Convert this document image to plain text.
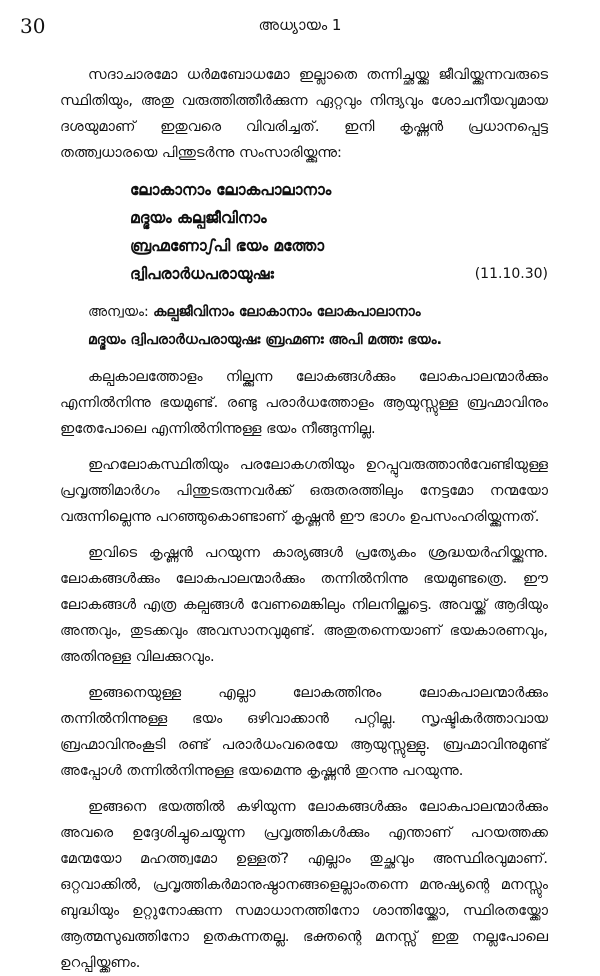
30	അധ്യായം 1

സദാചാരമോ ധർമബോധമോ ഇല്ലാതെ തന്നിച്ഛയ്ക്കു ജീവിയ്ക്കുന്നവരുടെ സ്ഥിതിയും, അതു വരുത്തിത്തീർക്കുന്ന ഏറ്റവും നിന്ദ്യവും ശോചനീയവുമായ ദശയുമാണ് ഇതുവരെ വിവരിച്ചത്. ഇനി കൃഷ്ണൻ പ്രധാനപ്പെട്ട തത്ത്വധാരയെ പിന്തുടർന്നു സംസാരിയ്ക്കുന്നു:

ലോകാനാം ലോകപാലാനാം
മദ്ഭയം കല്പജീവിനാം
ബ്രഹ്മണോഽപി ഭയം മത്തോ
ദ്വിപരാർധപരായുഷഃ	(11.10.30)
അന്വയം: കല്പജീവിനാം ലോകാനാം ലോകപാലാനാം
മദ്ഭയം ദ്വിപരാർധപരായുഷഃ ബ്രഹ്മണഃ അപി മത്തഃ ഭയം.

കല്പകാലത്തോളം നില്ക്കുന്ന ലോകങ്ങൾക്കും ലോകപാലന്മാർക്കും എന്നിൽനിന്നു ഭയമുണ്ട്. രണ്ടു പരാർധത്തോളം ആയുസ്സുള്ള ബ്രഹ്മാവിനും ഇതേപോലെ എന്നിൽനിന്നുള്ള ഭയം നീങ്ങുന്നില്ല.

ഇഹലോകസ്ഥിതിയും പരലോകഗതിയും ഉറപ്പുവരുത്താൻവേണ്ടിയുള്ള പ്രവൃത്തിമാർഗം പിന്തുടരുന്നവർക്ക് ഒരുതരത്തിലും നേട്ടമോ നന്മയോ വരുന്നില്ലെന്നു പറഞ്ഞുകൊണ്ടാണ് കൃഷ്ണൻ ഈ ഭാഗം ഉപസംഹരിയ്ക്കുന്നത്.

ഇവിടെ കൃഷ്ണൻ പറയുന്ന കാര്യങ്ങൾ പ്രത്യേകം ശ്രദ്ധയർഹിയ്ക്കുന്നു. ലോകങ്ങൾക്കും ലോകപാലന്മാർക്കും തന്നിൽനിന്നു ഭയമുണ്ടത്രെ. ഈ ലോകങ്ങൾ എത്ര കല്പങ്ങൾ വേണമെങ്കിലും നിലനില്ക്കട്ടെ. അവയ്ക്ക് ആദിയും അന്തവും, തുടക്കവും അവസാനവുമുണ്ട്. അതുതന്നെയാണ് ഭയകാരണവും, അതിനുള്ള വിലക്കുറവും.

ഇങ്ങനെയുള്ള എല്ലാ ലോകത്തിനും ലോകപാലന്മാർക്കും തന്നിൽനിന്നുള്ള ഭയം ഒഴിവാക്കാൻ പറ്റില്ല. സൃഷ്ടികർത്താവായ ബ്രഹ്മാവിനുംകൂടി രണ്ട് പരാർധംവരെയേ ആയുസ്സുള്ളു. ബ്രഹ്മാവിനുമുണ്ട് അപ്പോൾ തന്നിൽനിന്നുള്ള ഭയമെന്നു കൃഷ്ണൻ തുറന്നു പറയുന്നു.

ഇങ്ങനെ ഭയത്തിൽ കഴിയുന്ന ലോകങ്ങൾക്കും ലോകപാലന്മാർക്കും അവരെ ഉദ്ദേശിച്ചുചെയ്യുന്ന പ്രവൃത്തികൾക്കും എന്താണ് പറയത്തക്ക മേന്മയോ മഹത്ത്വമോ ഉള്ളത്? എല്ലാം തുച്ഛവും അസ്ഥിരവുമാണ്. ഒറ്റവാക്കിൽ, പ്രവൃത്തികർമാനുഷ്ഠാനങ്ങളെല്ലാംതന്നെ മനുഷ്യന്റെ മനസ്സും ബുദ്ധിയും ഉറ്റുനോക്കുന്ന സമാധാനത്തിനോ ശാന്തിയ്ക്കോ, സ്ഥിരതയ്ക്കോ ആത്മസുഖത്തിനോ ഉതകുന്നതല്ല. ഭക്തന്റെ മനസ്സ് ഇതു നല്ലപോലെ ഉറപ്പിയ്ക്കണം.
